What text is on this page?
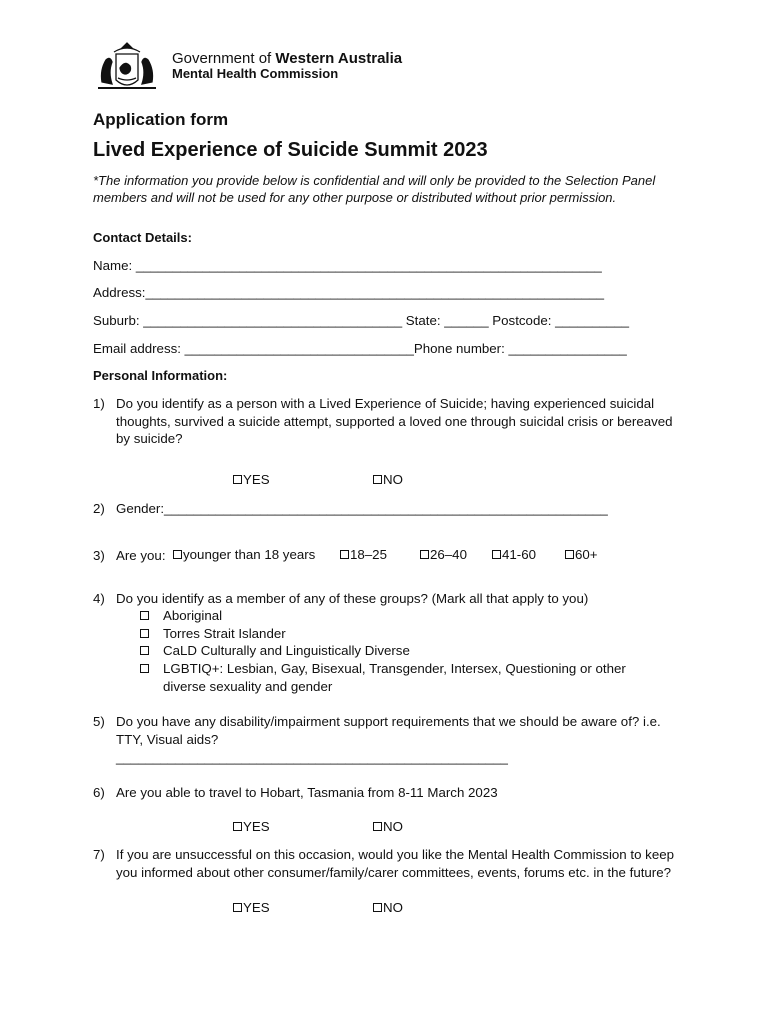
Government of Western Australia
Mental Health Commission
Application form
Lived Experience of Suicide Summit 2023
*The information you provide below is confidential and will only be provided to the Selection Panel members and will not be used for any other purpose or distributed without prior permission.
Contact Details:
Name: _______________________________________________________________
Address:______________________________________________________________
Suburb: ___________________________________ State: ______ Postcode: __________
Email address: _______________________________Phone number: ________________
Personal Information:
1) Do you identify as a person with a Lived Experience of Suicide; having experienced suicidal thoughts, survived a suicide attempt, supported a loved one through suicidal crisis or bereaved by suicide?
YES	NO
2) Gender:____________________________________________________________
3) Are you:	younger than 18 years	18–25	26–40	41-60	60+
4) Do you identify as a member of any of these groups? (Mark all that apply to you)
Aboriginal
Torres Strait Islander
CaLD Culturally and Linguistically Diverse
LGBTIQ+: Lesbian, Gay, Bisexual, Transgender, Intersex, Questioning or other diverse sexuality and gender
5) Do you have any disability/impairment support requirements that we should be aware of? i.e. TTY, Visual aids?
_____________________________________________________
6) Are you able to travel to Hobart, Tasmania from 8-11 March 2023
YES	NO
7) If you are unsuccessful on this occasion, would you like the Mental Health Commission to keep you informed about other consumer/family/carer committees, events, forums etc. in the future?
YES	NO
